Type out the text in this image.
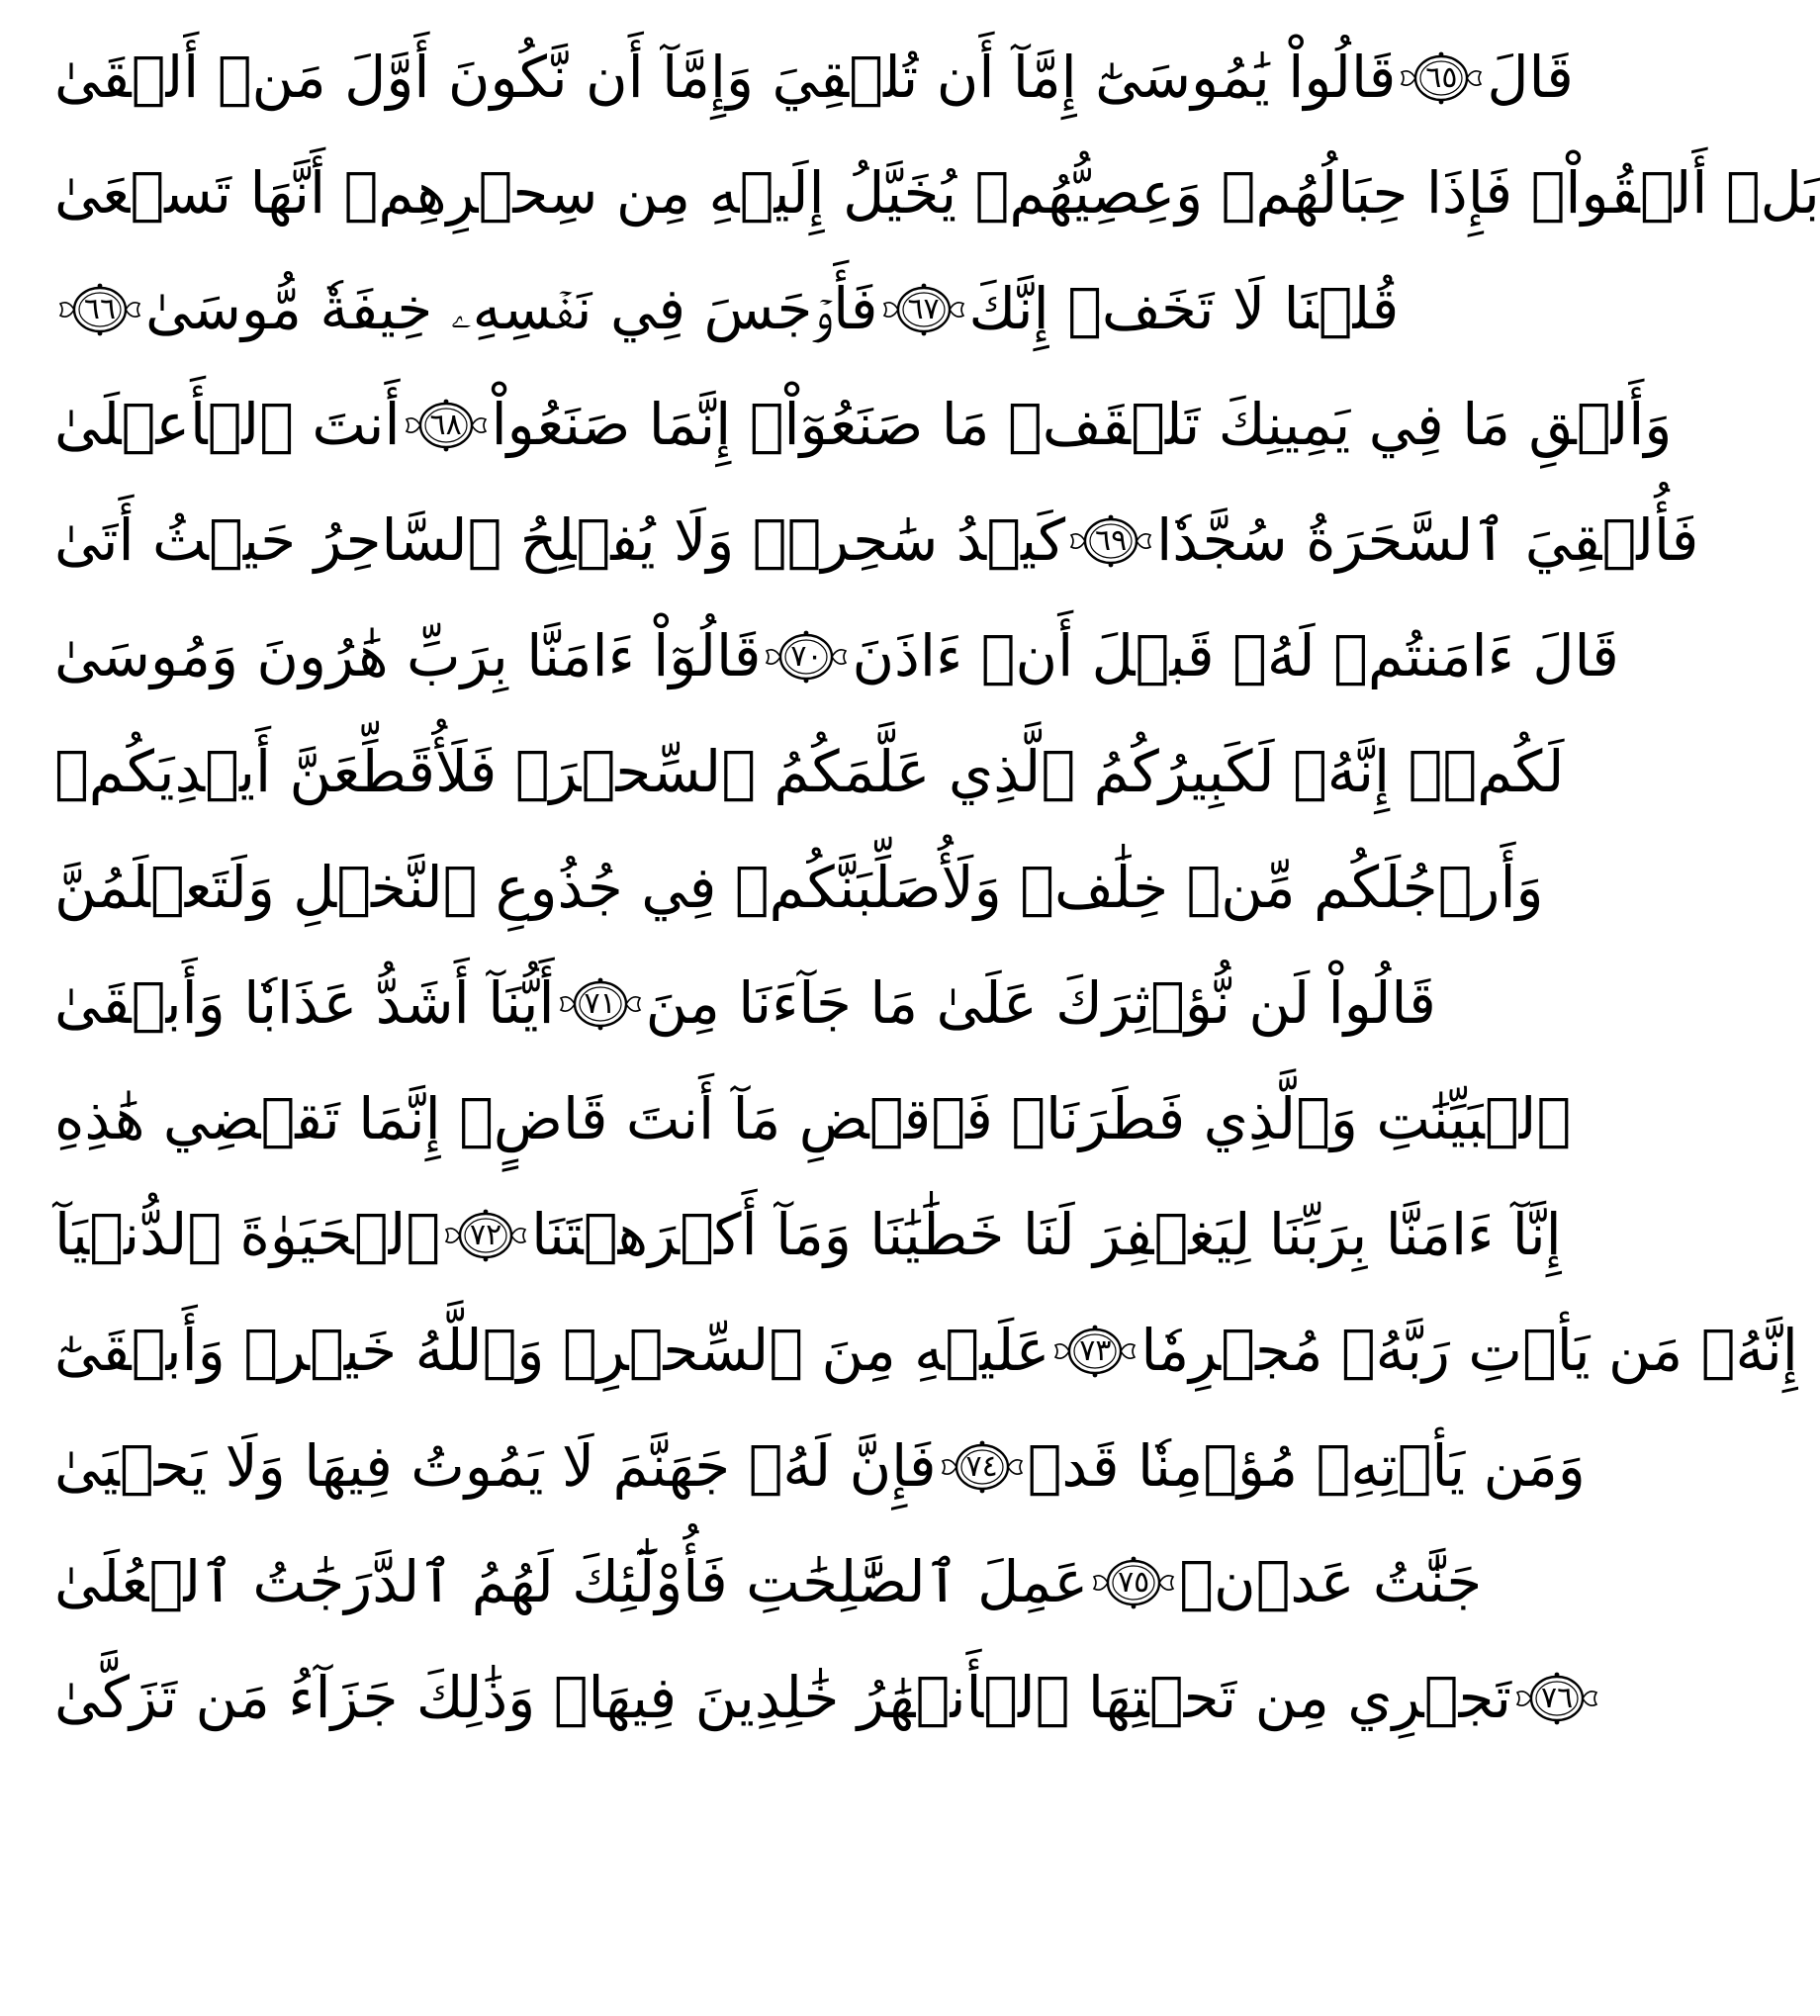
قَالُواْ يَٰمُوسَىٰٓ إِمَّآ أَن تُلۡقِيَ وَإِمَّآ أَن نَّكُونَ أَوَّلَ مَنۡ أَلۡقَىٰ ٦٥ قَالَ
بَلۡ أَلۡقُواْۖ فَإِذَا حِبَالُهُمۡ وَعِصِيُّهُمۡ يُخَيَّلُ إِلَيۡهِ مِن سِحۡرِهِمۡ أَنَّهَا تَسۡعَىٰ
٦٦ فَأَوۡجَسَ فِي نَفۡسِهِۦ خِيفَةٗ مُّوسَىٰ ٦٧ قُلۡنَا لَا تَخَفۡ إِنَّكَ
أَنتَ ٱلۡأَعۡلَىٰ ٦٨ وَأَلۡقِ مَا فِي يَمِينِكَ تَلۡقَفۡ مَا صَنَعُوٓاْۖ إِنَّمَا صَنَعُواْ
كَيۡدُ سَٰحِرٖۖ وَلَا يُفۡلِحُ ٱلسَّاحِرُ حَيۡثُ أَتَىٰ ٦٩ فَأُلۡقِيَ ٱلسَّحَرَةُ سُجَّدٗا
قَالُوٓاْ ءَامَنَّا بِرَبِّ هَٰرُونَ وَمُوسَىٰ ٧٠ قَالَ ءَامَنتُمۡ لَهُۥ قَبۡلَ أَنۡ ءَاذَنَ
لَكُمۡۖ إِنَّهُۥ لَكَبِيرُكُمُ ٱلَّذِي عَلَّمَكُمُ ٱلسِّحۡرَۖ فَلَأُقَطِّعَنَّ أَيۡدِيَكُمۡ
وَأَرۡجُلَكُم مِّنۡ خِلَٰفٖ وَلَأُصَلِّبَنَّكُمۡ فِي جُذُوعِ ٱلنَّخۡلِ وَلَتَعۡلَمُنَّ
أَيُّنَآ أَشَدُّ عَذَابٗا وَأَبۡقَىٰ ٧١ قَالُواْ لَن نُّؤۡثِرَكَ عَلَىٰ مَا جَآءَنَا مِنَ
ٱلۡبَيِّنَٰتِ وَٱلَّذِي فَطَرَنَاۖ فَٱقۡضِ مَآ أَنتَ قَاضٍۖ إِنَّمَا تَقۡضِي هَٰذِهِ
ٱلۡحَيَوٰةَ ٱلدُّنۡيَآ ٧٢ إِنَّآ ءَامَنَّا بِرَبِّنَا لِيَغۡفِرَ لَنَا خَطَٰيَٰنَا وَمَآ أَكۡرَهۡتَنَا
عَلَيۡهِ مِنَ ٱلسِّحۡرِۗ وَٱللَّهُ خَيۡرٞ وَأَبۡقَىٰٓ ٧٣ إِنَّهُۥ مَن يَأۡتِ رَبَّهُۥ مُجۡرِمٗا
فَإِنَّ لَهُۥ جَهَنَّمَ لَا يَمُوتُ فِيهَا وَلَا يَحۡيَىٰ ٧٤ وَمَن يَأۡتِهِۦ مُؤۡمِنٗا قَدۡ
عَمِلَ ٱلصَّٰلِحَٰتِ فَأُوْلَٰٓئِكَ لَهُمُ ٱلدَّرَجَٰتُ ٱلۡعُلَىٰ ٧٥ جَنَّٰتُ عَدۡنٖ
تَجۡرِي مِن تَحۡتِهَا ٱلۡأَنۡهَٰرُ خَٰلِدِينَ فِيهَاۚ وَذَٰلِكَ جَزَآءُ مَن تَزَكَّىٰ ٧٦
